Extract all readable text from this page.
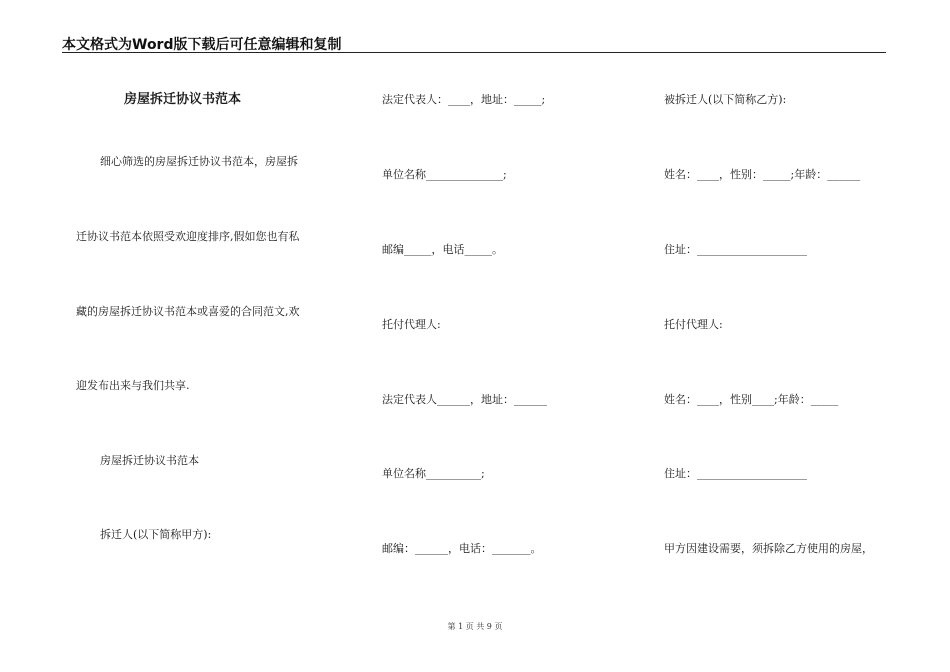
本文格式为Word版下载后可任意编辑和复制
房屋拆迁协议书范本
细心筛选的房屋拆迁协议书范本，房屋拆
迁协议书范本依照受欢迎度排序,假如您也有私
藏的房屋拆迁协议书范本或喜爱的合同范文,欢
迎发布出来与我们共享.
房屋拆迁协议书范本
拆迁人(以下简称甲方):
法定代表人：____，地址：_____;
单位名称______________;
邮编_____，电话_____。
托付代理人:
法定代表人______，地址：______
单位名称__________;
邮编：______，电话：_______。
被拆迁人(以下简称乙方):
姓名：____，性别：_____;年龄：______
住址：____________________
托付代理人:
姓名：____，性别____;年龄：_____
住址：____________________
甲方因建设需要，须拆除乙方使用的房屋，
第 1 页 共 9 页
